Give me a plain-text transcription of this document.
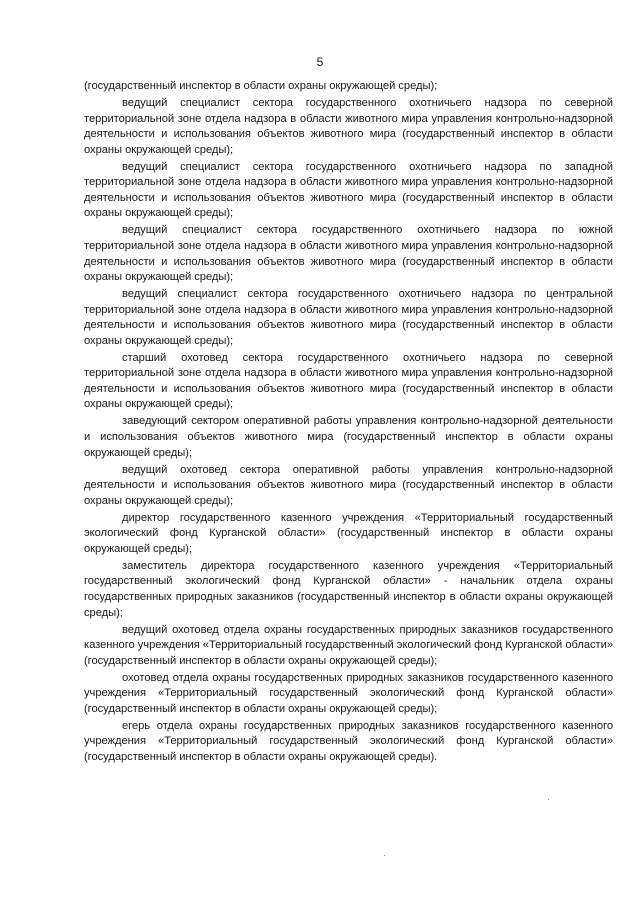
5

(государственный инспектор в области охраны окружающей среды);

ведущий специалист сектора государственного охотничьего надзора по северной территориальной зоне отдела надзора в области животного мира управления контрольно-надзорной деятельности и использования объектов животного мира (государственный инспектор в области охраны окружающей среды);

ведущий специалист сектора государственного охотничьего надзора по западной территориальной зоне отдела надзора в области животного мира управления контрольно-надзорной деятельности и использования объектов животного мира (государственный инспектор в области охраны окружающей среды);

ведущий специалист сектора государственного охотничьего надзора по южной территориальной зоне отдела надзора в области животного мира управления контрольно-надзорной деятельности и использования объектов животного мира (государственный инспектор в области охраны окружающей среды);

ведущий специалист сектора государственного охотничьего надзора по центральной территориальной зоне отдела надзора в области животного мира управления контрольно-надзорной деятельности и использования объектов животного мира (государственный инспектор в области охраны окружающей среды);

старший охотовед сектора государственного охотничьего надзора по северной территориальной зоне отдела надзора в области животного мира управления контрольно-надзорной деятельности и использования объектов животного мира (государственный инспектор в области охраны окружающей среды);

заведующий сектором оперативной работы управления контрольно-надзорной деятельности и использования объектов животного мира (государственный инспектор в области охраны окружающей среды);

ведущий охотовед сектора оперативной работы управления контрольно-надзорной деятельности и использования объектов животного мира (государственный инспектор в области охраны окружающей среды);

директор государственного казенного учреждения «Территориальный государственный экологический фонд Курганской области» (государственный инспектор в области охраны окружающей среды);

заместитель директора государственного казенного учреждения «Территориальный государственный экологический фонд Курганской области» - начальник отдела охраны государственных природных заказников (государственный инспектор в области охраны окружающей среды);

ведущий охотовед отдела охраны государственных природных заказников государственного казенного учреждения «Территориальный государственный экологический фонд Курганской области» (государственный инспектор в области охраны окружающей среды);

охотовед отдела охраны государственных природных заказников государственного казенного учреждения «Территориальный государственный экологический фонд Курганской области» (государственный инспектор в области охраны окружающей среды);

егерь отдела охраны государственных природных заказников государственного казенного учреждения «Территориальный государственный экологический фонд Курганской области» (государственный инспектор в области охраны окружающей среды).
